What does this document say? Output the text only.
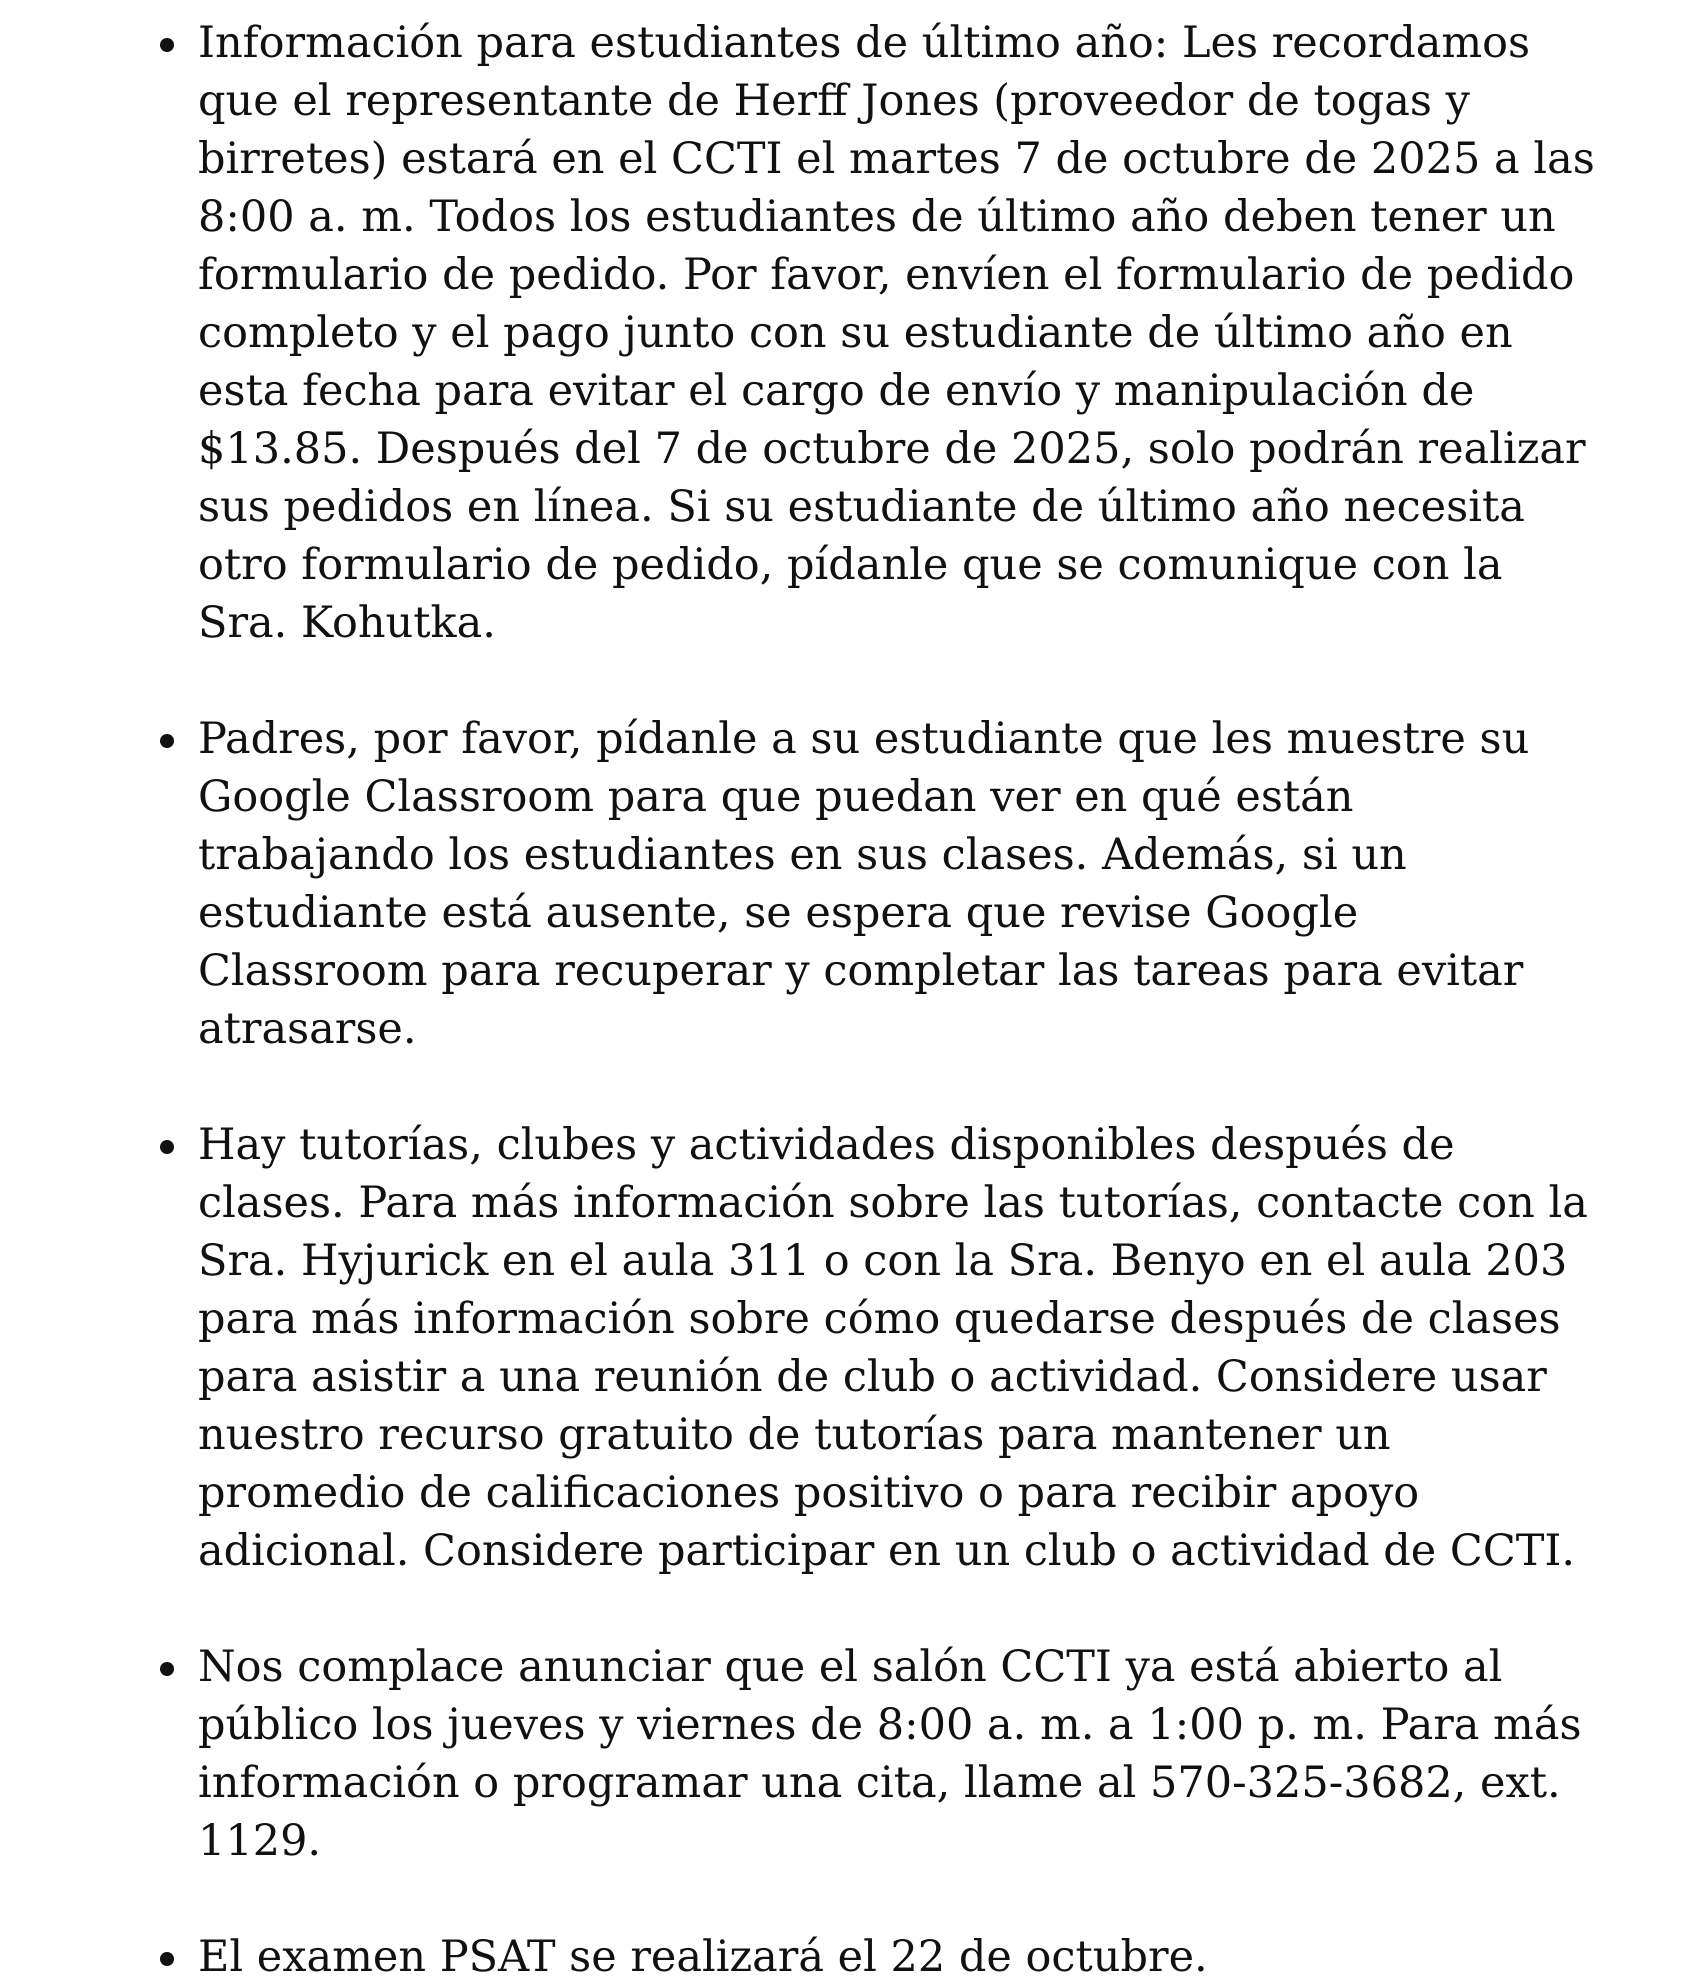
Información para estudiantes de último año: Les recordamos que el representante de Herff Jones (proveedor de togas y birretes) estará en el CCTI el martes 7 de octubre de 2025 a las 8:00 a. m. Todos los estudiantes de último año deben tener un formulario de pedido. Por favor, envíen el formulario de pedido completo y el pago junto con su estudiante de último año en esta fecha para evitar el cargo de envío y manipulación de $13.85. Después del 7 de octubre de 2025, solo podrán realizar sus pedidos en línea. Si su estudiante de último año necesita otro formulario de pedido, pídanle que se comunique con la Sra. Kohutka.
Padres, por favor, pídanle a su estudiante que les muestre su Google Classroom para que puedan ver en qué están trabajando los estudiantes en sus clases. Además, si un estudiante está ausente, se espera que revise Google Classroom para recuperar y completar las tareas para evitar atrasarse.
Hay tutorías, clubes y actividades disponibles después de clases. Para más información sobre las tutorías, contacte con la Sra. Hyjurick en el aula 311 o con la Sra. Benyo en el aula 203 para más información sobre cómo quedarse después de clases para asistir a una reunión de club o actividad. Considere usar nuestro recurso gratuito de tutorías para mantener un promedio de calificaciones positivo o para recibir apoyo adicional. Considere participar en un club o actividad de CCTI.
Nos complace anunciar que el salón CCTI ya está abierto al público los jueves y viernes de 8:00 a. m. a 1:00 p. m. Para más información o programar una cita, llame al 570-325-3682, ext. 1129.
El examen PSAT se realizará el 22 de octubre.
